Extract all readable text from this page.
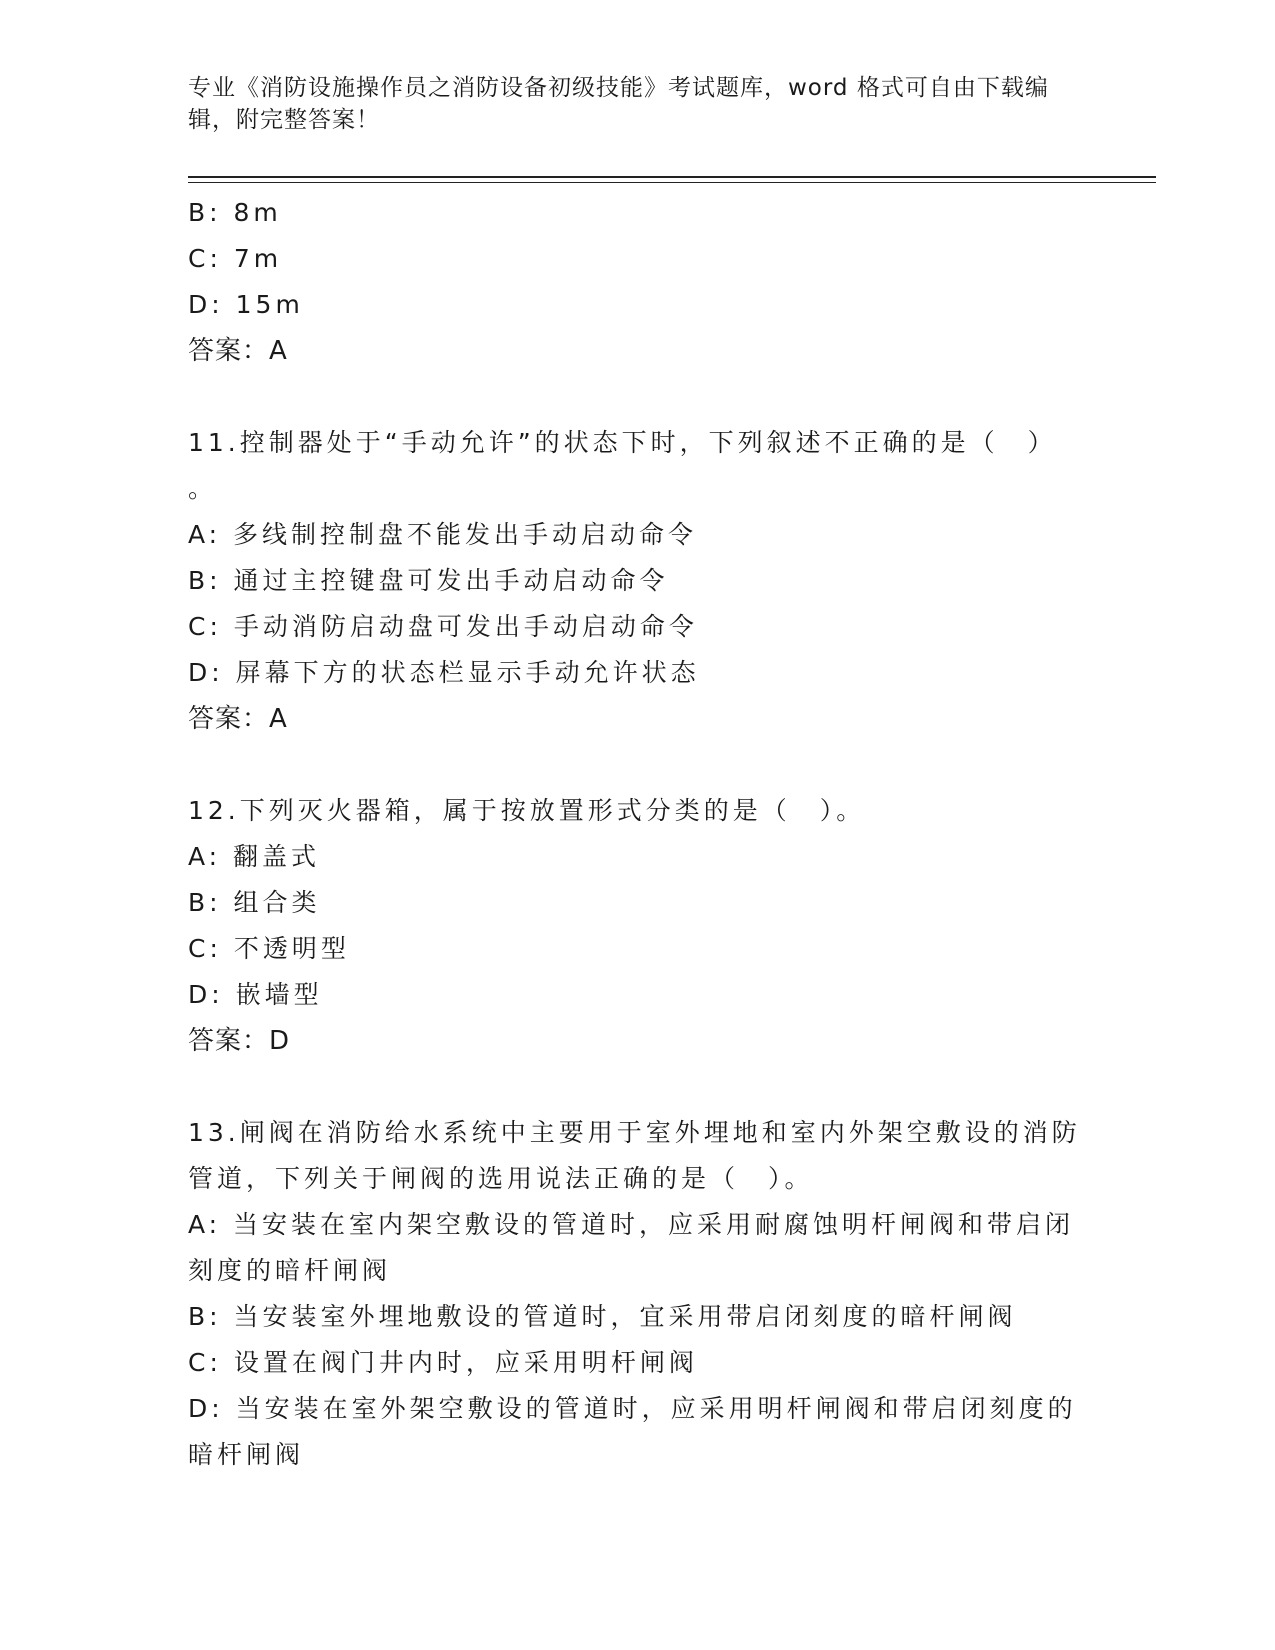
专业《消防设施操作员之消防设备初级技能》考试题库，word 格式可自由下载编
辑，附完整答案！
B: 8m
C: 7m
D: 15m
答案：A
11.控制器处于“手动允许”的状态下时，下列叙述不正确的是（　）
。
A: 多线制控制盘不能发出手动启动命令
B: 通过主控键盘可发出手动启动命令
C: 手动消防启动盘可发出手动启动命令
D: 屏幕下方的状态栏显示手动允许状态
答案：A
12.下列灭火器箱，属于按放置形式分类的是（　）。
A: 翻盖式
B: 组合类
C: 不透明型
D: 嵌墙型
答案：D
13.闸阀在消防给水系统中主要用于室外埋地和室内外架空敷设的消防
管道，下列关于闸阀的选用说法正确的是（　）。
A: 当安装在室内架空敷设的管道时，应采用耐腐蚀明杆闸阀和带启闭
刻度的暗杆闸阀
B: 当安装室外埋地敷设的管道时，宜采用带启闭刻度的暗杆闸阀
C: 设置在阀门井内时，应采用明杆闸阀
D: 当安装在室外架空敷设的管道时，应采用明杆闸阀和带启闭刻度的
暗杆闸阀
